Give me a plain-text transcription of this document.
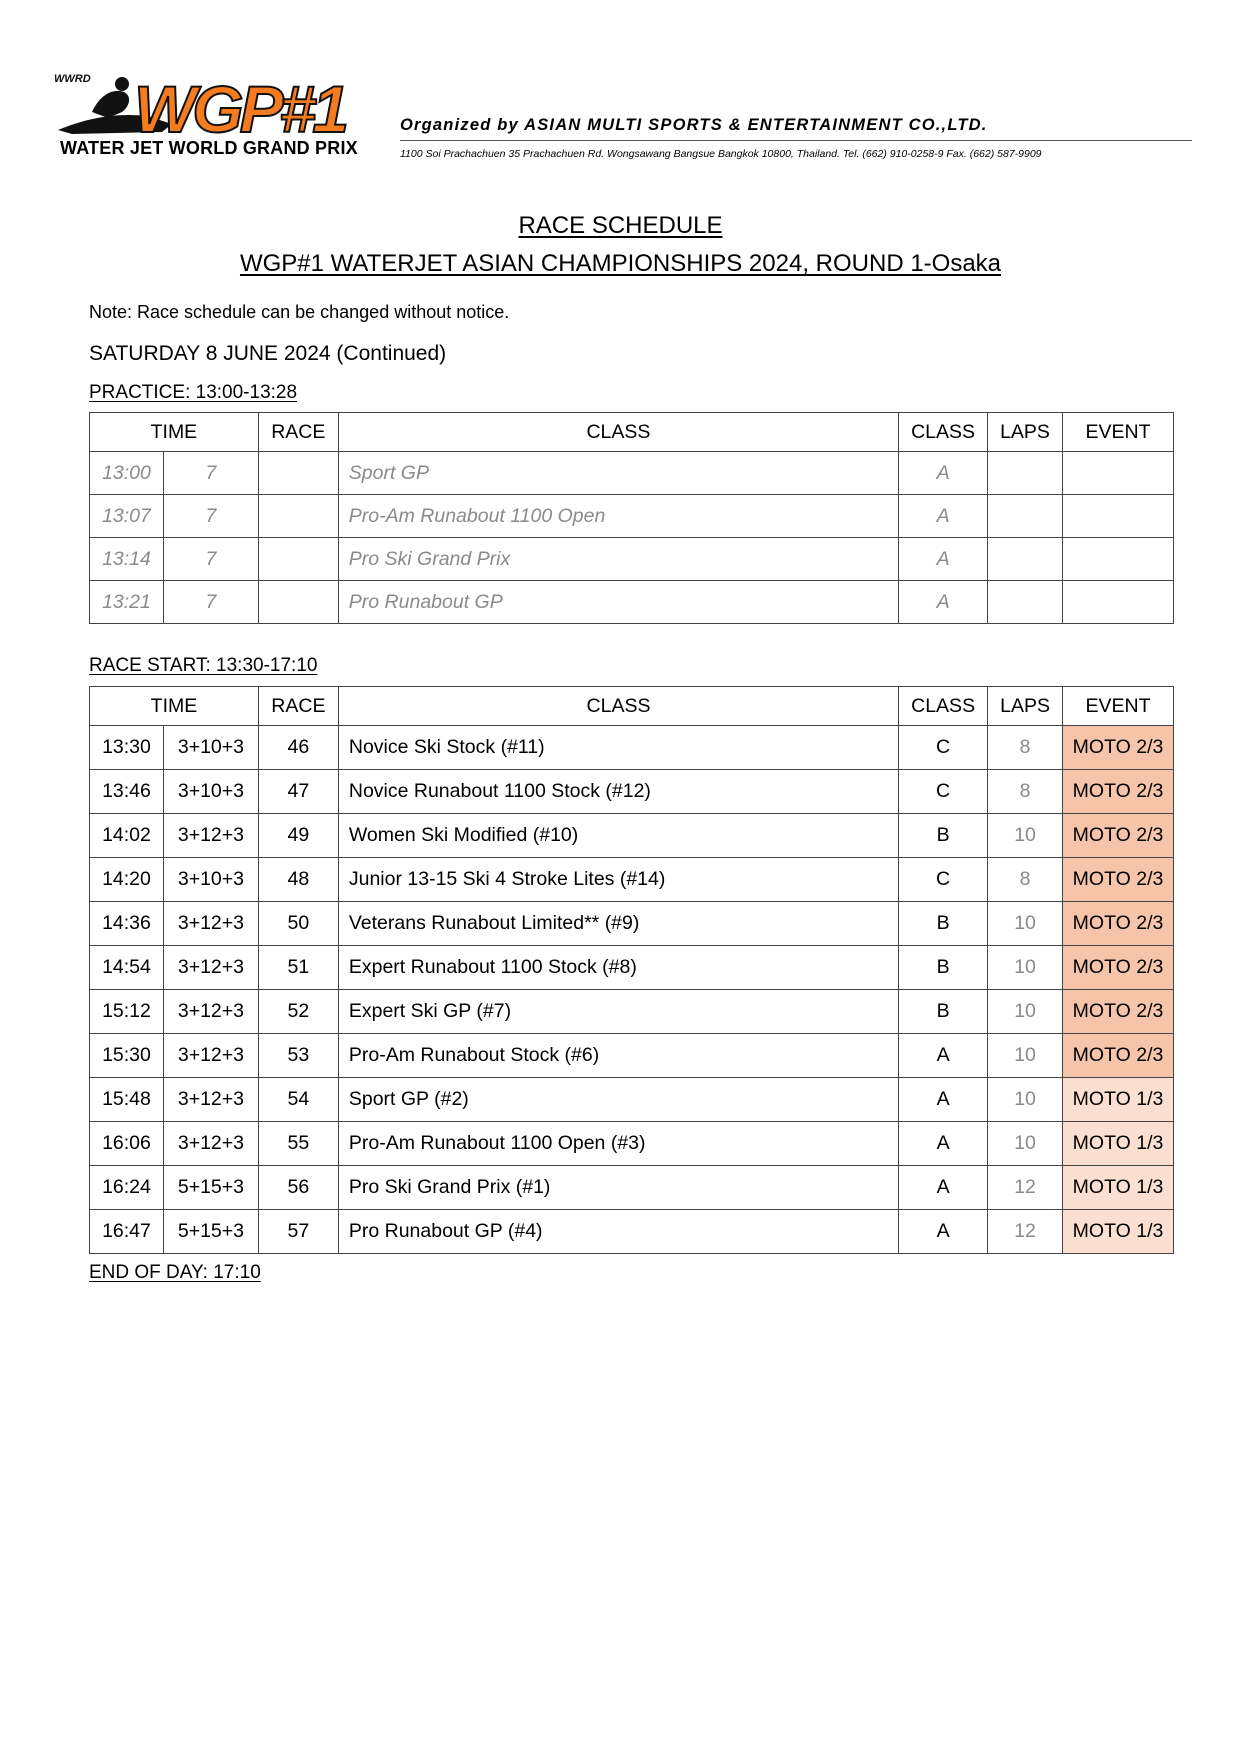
WWRD WGP#1
WATER JET WORLD GRAND PRIX
Organized by ASIAN MULTI SPORTS & ENTERTAINMENT CO.,LTD.
1100 Soi Prachachuen 35 Prachachuen Rd. Wongsawang Bangsue Bangkok 10800, Thailand. Tel. (662) 910-0258-9 Fax. (662) 587-9909
RACE SCHEDULE
WGP#1 WATERJET ASIAN CHAMPIONSHIPS 2024, ROUND 1-Osaka
Note: Race schedule can be changed without notice.
SATURDAY 8 JUNE 2024 (Continued)
PRACTICE: 13:00-13:28
TIME		RACE	CLASS	CLASS	LAPS	EVENT
13:00	7		Sport GP	A		
13:07	7		Pro-Am Runabout 1100 Open	A		
13:14	7		Pro Ski Grand Prix	A		
13:21	7		Pro Runabout GP	A		
RACE START: 13:30-17:10
TIME		RACE	CLASS	CLASS	LAPS	EVENT
13:30	3+10+3	46	Novice Ski Stock (#11)	C	8	MOTO 2/3
13:46	3+10+3	47	Novice Runabout 1100 Stock (#12)	C	8	MOTO 2/3
14:02	3+12+3	49	Women Ski Modified (#10)	B	10	MOTO 2/3
14:20	3+10+3	48	Junior 13-15 Ski 4 Stroke Lites (#14)	C	8	MOTO 2/3
14:36	3+12+3	50	Veterans Runabout Limited** (#9)	B	10	MOTO 2/3
14:54	3+12+3	51	Expert Runabout 1100 Stock (#8)	B	10	MOTO 2/3
15:12	3+12+3	52	Expert Ski GP (#7)	B	10	MOTO 2/3
15:30	3+12+3	53	Pro-Am Runabout Stock (#6)	A	10	MOTO 2/3
15:48	3+12+3	54	Sport GP (#2)	A	10	MOTO 1/3
16:06	3+12+3	55	Pro-Am Runabout 1100 Open (#3)	A	10	MOTO 1/3
16:24	5+15+3	56	Pro Ski Grand Prix (#1)	A	12	MOTO 1/3
16:47	5+15+3	57	Pro Runabout GP (#4)	A	12	MOTO 1/3
END OF DAY: 17:10
